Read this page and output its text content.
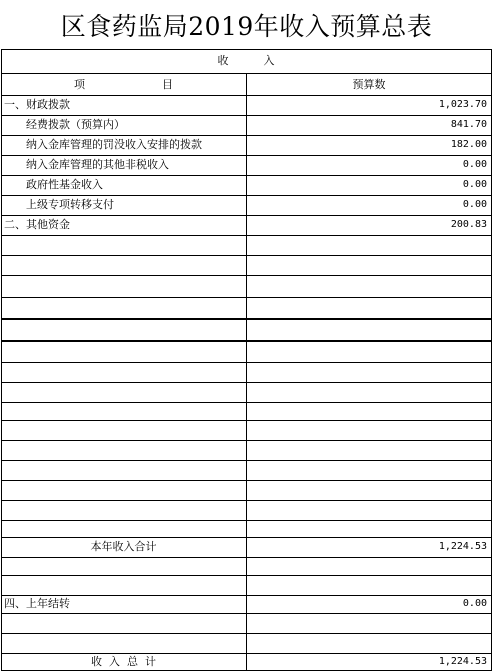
区食药监局2019年收入预算总表
收          入
项                      目	预算数
一、财政拨款	1,023.70
经费拨款（预算内）	841.70
纳入金库管理的罚没收入安排的拨款	182.00
纳入金库管理的其他非税收入	0.00
政府性基金收入	0.00
上级专项转移支付	0.00
二、其他资金	200.83
本年收入合计	1,224.53
四、上年结转	0.00
收  入  总  计	1,224.53
